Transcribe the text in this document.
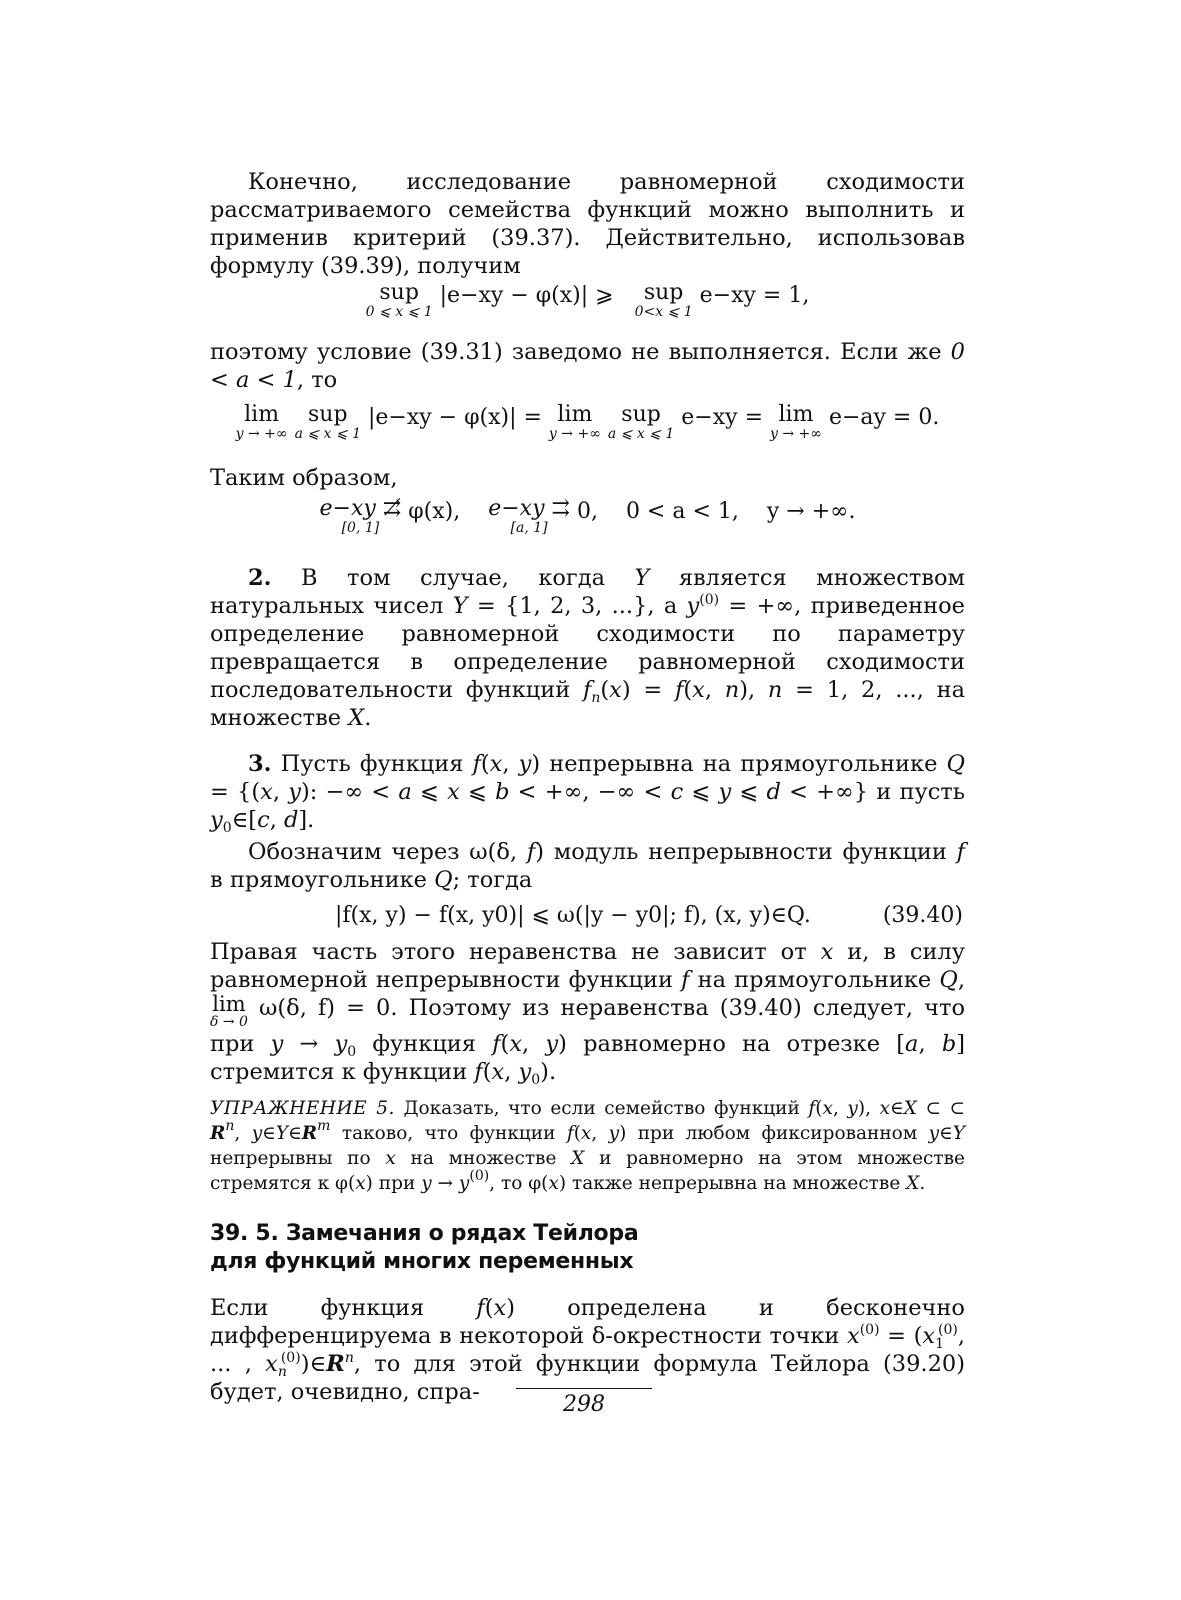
Конечно, исследование равномерной сходимости рассматриваемого семейства функций можно выполнить и применив критерий (39.37). Действительно, использовав формулу (39.39), получим

sup
0 ⩽ x ⩽ 1
|e−xy − φ(x)| ⩾	sup
0<x ⩽ 1
e−xy = 1,

поэтому условие (39.31) заведомо не выполняется. Если же 0 < a < 1, то

lim
y → +∞

sup
a ⩽ x ⩽ 1
|e−xy − φ(x)| = lim
y → +∞

sup
a ⩽ x ⩽ 1
e−xy = lim
y → +∞
e−ay = 0.

Таким образом,

e−xy ⇉̸
[0, 1]
φ(x), e−xy ⇉
[a, 1]
0, 0 < a < 1, y → +∞.

2. В том случае, когда Y является множеством натуральных чисел Y = {1, 2, 3, ...}, а $y^{(0)}$ = +∞, приведенное определение равномерной сходимости по параметру превращается в определение равномерной сходимости последовательности функций $f_n(x) = f(x$, n), n = 1, 2, ..., на множестве X.

3. Пусть функция f(x, y) непрерывна на прямоугольнике Q = {(x, y): −∞ < a ⩽ x ⩽ b < +∞, −∞ < c ⩽ y ⩽ d < +∞} и пусть $y_0\in[c$, d].

Обозначим через ω(δ, f) модуль непрерывности функции f в прямоугольнике Q; тогда

|f(x, y) − f(x, y0)| ⩽ ω(|y − y0|; f), (x, y)∈Q.	(39.40)

Правая часть этого неравенства не зависит от x и, в силу равномерной непрерывности функции f на прямоугольнике Q,
lim
δ → 0
ω(δ, f) = 0. Поэтому из неравенства (39.40) следует, что при $y \to y_0$ функция f(x, y) равномерно на отрезке [a, b] стремится к функции f(x, $y_0$).

УПРАЖНЕНИЕ 5. Доказать, что если семейство функций f(x, y), x∈X ⊂ ⊂ $R^n$, $y\in Y\in R^m$ таково, что функции f(x, y) при любом фиксированном y∈Y непрерывны по x на множестве X и равномерно на этом множестве стремятся к φ(x) при $y \to y^{(0)}$, то φ(x) также непрерывна на множестве X.

39. 5. Замечания о рядах Тейлора
для функций многих переменных

Если функция f(x) определена и бесконечно дифференцируема в некоторой δ-окрестности точки $x^{(0)} = (x_1^{(0)}$, ... , $x_n^{(0)})\in R^n$, то для этой функции формула Тейлора (39.20) будет, очевидно, спра-	298
